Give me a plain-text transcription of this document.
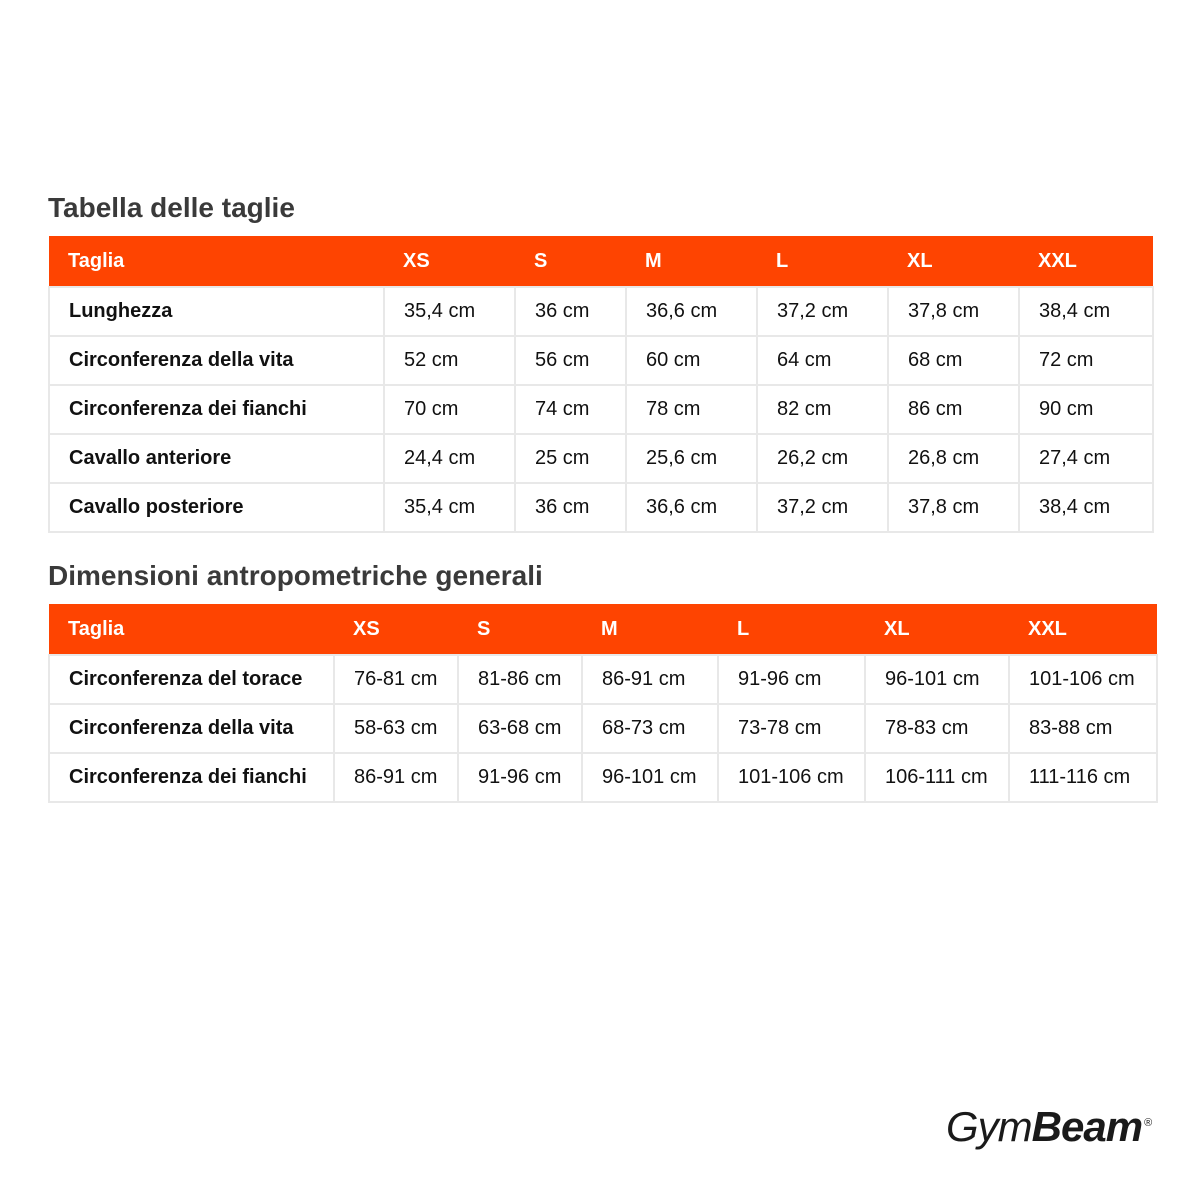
Tabella delle taglie
Taglia	XS	S	M	L	XL	XXL
Lunghezza	35,4 cm	36 cm	36,6 cm	37,2 cm	37,8 cm	38,4 cm
Circonferenza della vita	52 cm	56 cm	60 cm	64 cm	68 cm	72 cm
Circonferenza dei fianchi	70 cm	74 cm	78 cm	82 cm	86 cm	90 cm
Cavallo anteriore	24,4 cm	25 cm	25,6 cm	26,2 cm	26,8 cm	27,4 cm
Cavallo posteriore	35,4 cm	36 cm	36,6 cm	37,2 cm	37,8 cm	38,4 cm
Dimensioni antropometriche generali
Taglia	XS	S	M	L	XL	XXL
Circonferenza del torace	76-81 cm	81-86 cm	86-91 cm	91-96 cm	96-101 cm	101-106 cm
Circonferenza della vita	58-63 cm	63-68 cm	68-73 cm	73-78 cm	78-83 cm	83-88 cm
Circonferenza dei fianchi	86-91 cm	91-96 cm	96-101 cm	101-106 cm	106-111 cm	111-116 cm
GymBeam ®
